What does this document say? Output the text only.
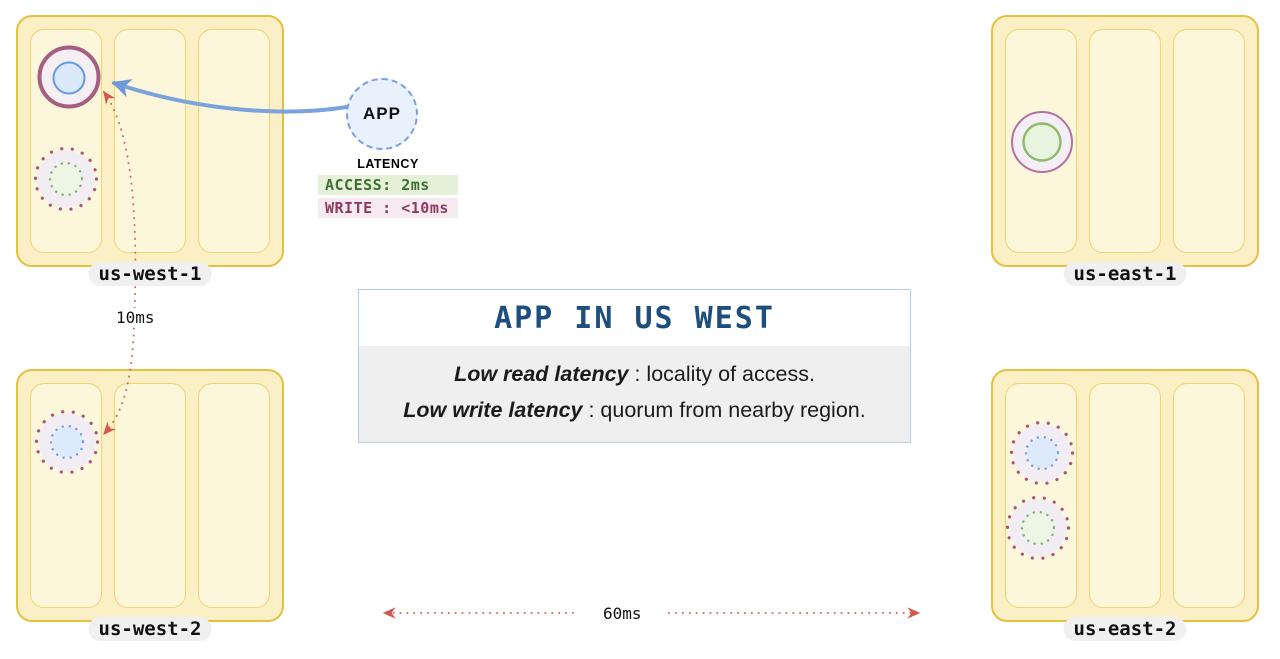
us-west-1	us-east-1
us-west-2	us-east-2
APP
LATENCY
ACCESS: 2ms
WRITE : <10ms
APP IN US WEST
Low read latency : locality of access.
Low write latency : quorum from nearby region.
10ms
60ms
